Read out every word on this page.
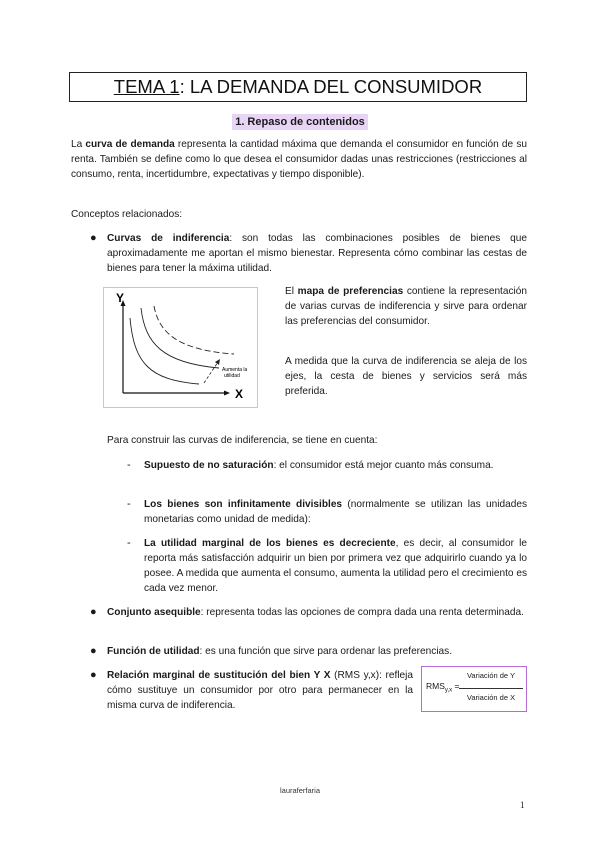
TEMA 1: LA DEMANDA DEL CONSUMIDOR
1. Repaso de contenidos
La curva de demanda representa la cantidad máxima que demanda el consumidor en función de su renta. También se define como lo que desea el consumidor dadas unas restricciones (restricciones al consumo, renta, incertidumbre, expectativas y tiempo disponible).
Conceptos relacionados:
● Curvas de indiferencia: son todas las combinaciones posibles de bienes que aproximadamente me aportan el mismo bienestar. Representa cómo combinar las cestas de bienes para tener la máxima utilidad.
Y
X
Aumenta la
utilidad
El mapa de preferencias contiene la representación de varias curvas de indiferencia y sirve para ordenar las preferencias del consumidor.
A medida que la curva de indiferencia se aleja de los ejes, la cesta de bienes y servicios será más preferida.
Para construir las curvas de indiferencia, se tiene en cuenta:
- Supuesto de no saturación: el consumidor está mejor cuanto más consuma.
- Los bienes son infinitamente divisibles (normalmente se utilizan las unidades monetarias como unidad de medida):
- La utilidad marginal de los bienes es decreciente, es decir, al consumidor le reporta más satisfacción adquirir un bien por primera vez que adquirirlo cuando ya lo posee. A medida que aumenta el consumo, aumenta la utilidad pero el crecimiento es cada vez menor.
● Conjunto asequible: representa todas las opciones de compra dada una renta determinada.
● Función de utilidad: es una función que sirve para ordenar las preferencias.
● Relación marginal de sustitución del bien Y X (RMS y,x): refleja cómo sustituye un consumidor por otro para permanecer en la misma curva de indiferencia.
$RMS_{y,x}$ =
Variación de Y
Variación de X
lauraferfaria
1
